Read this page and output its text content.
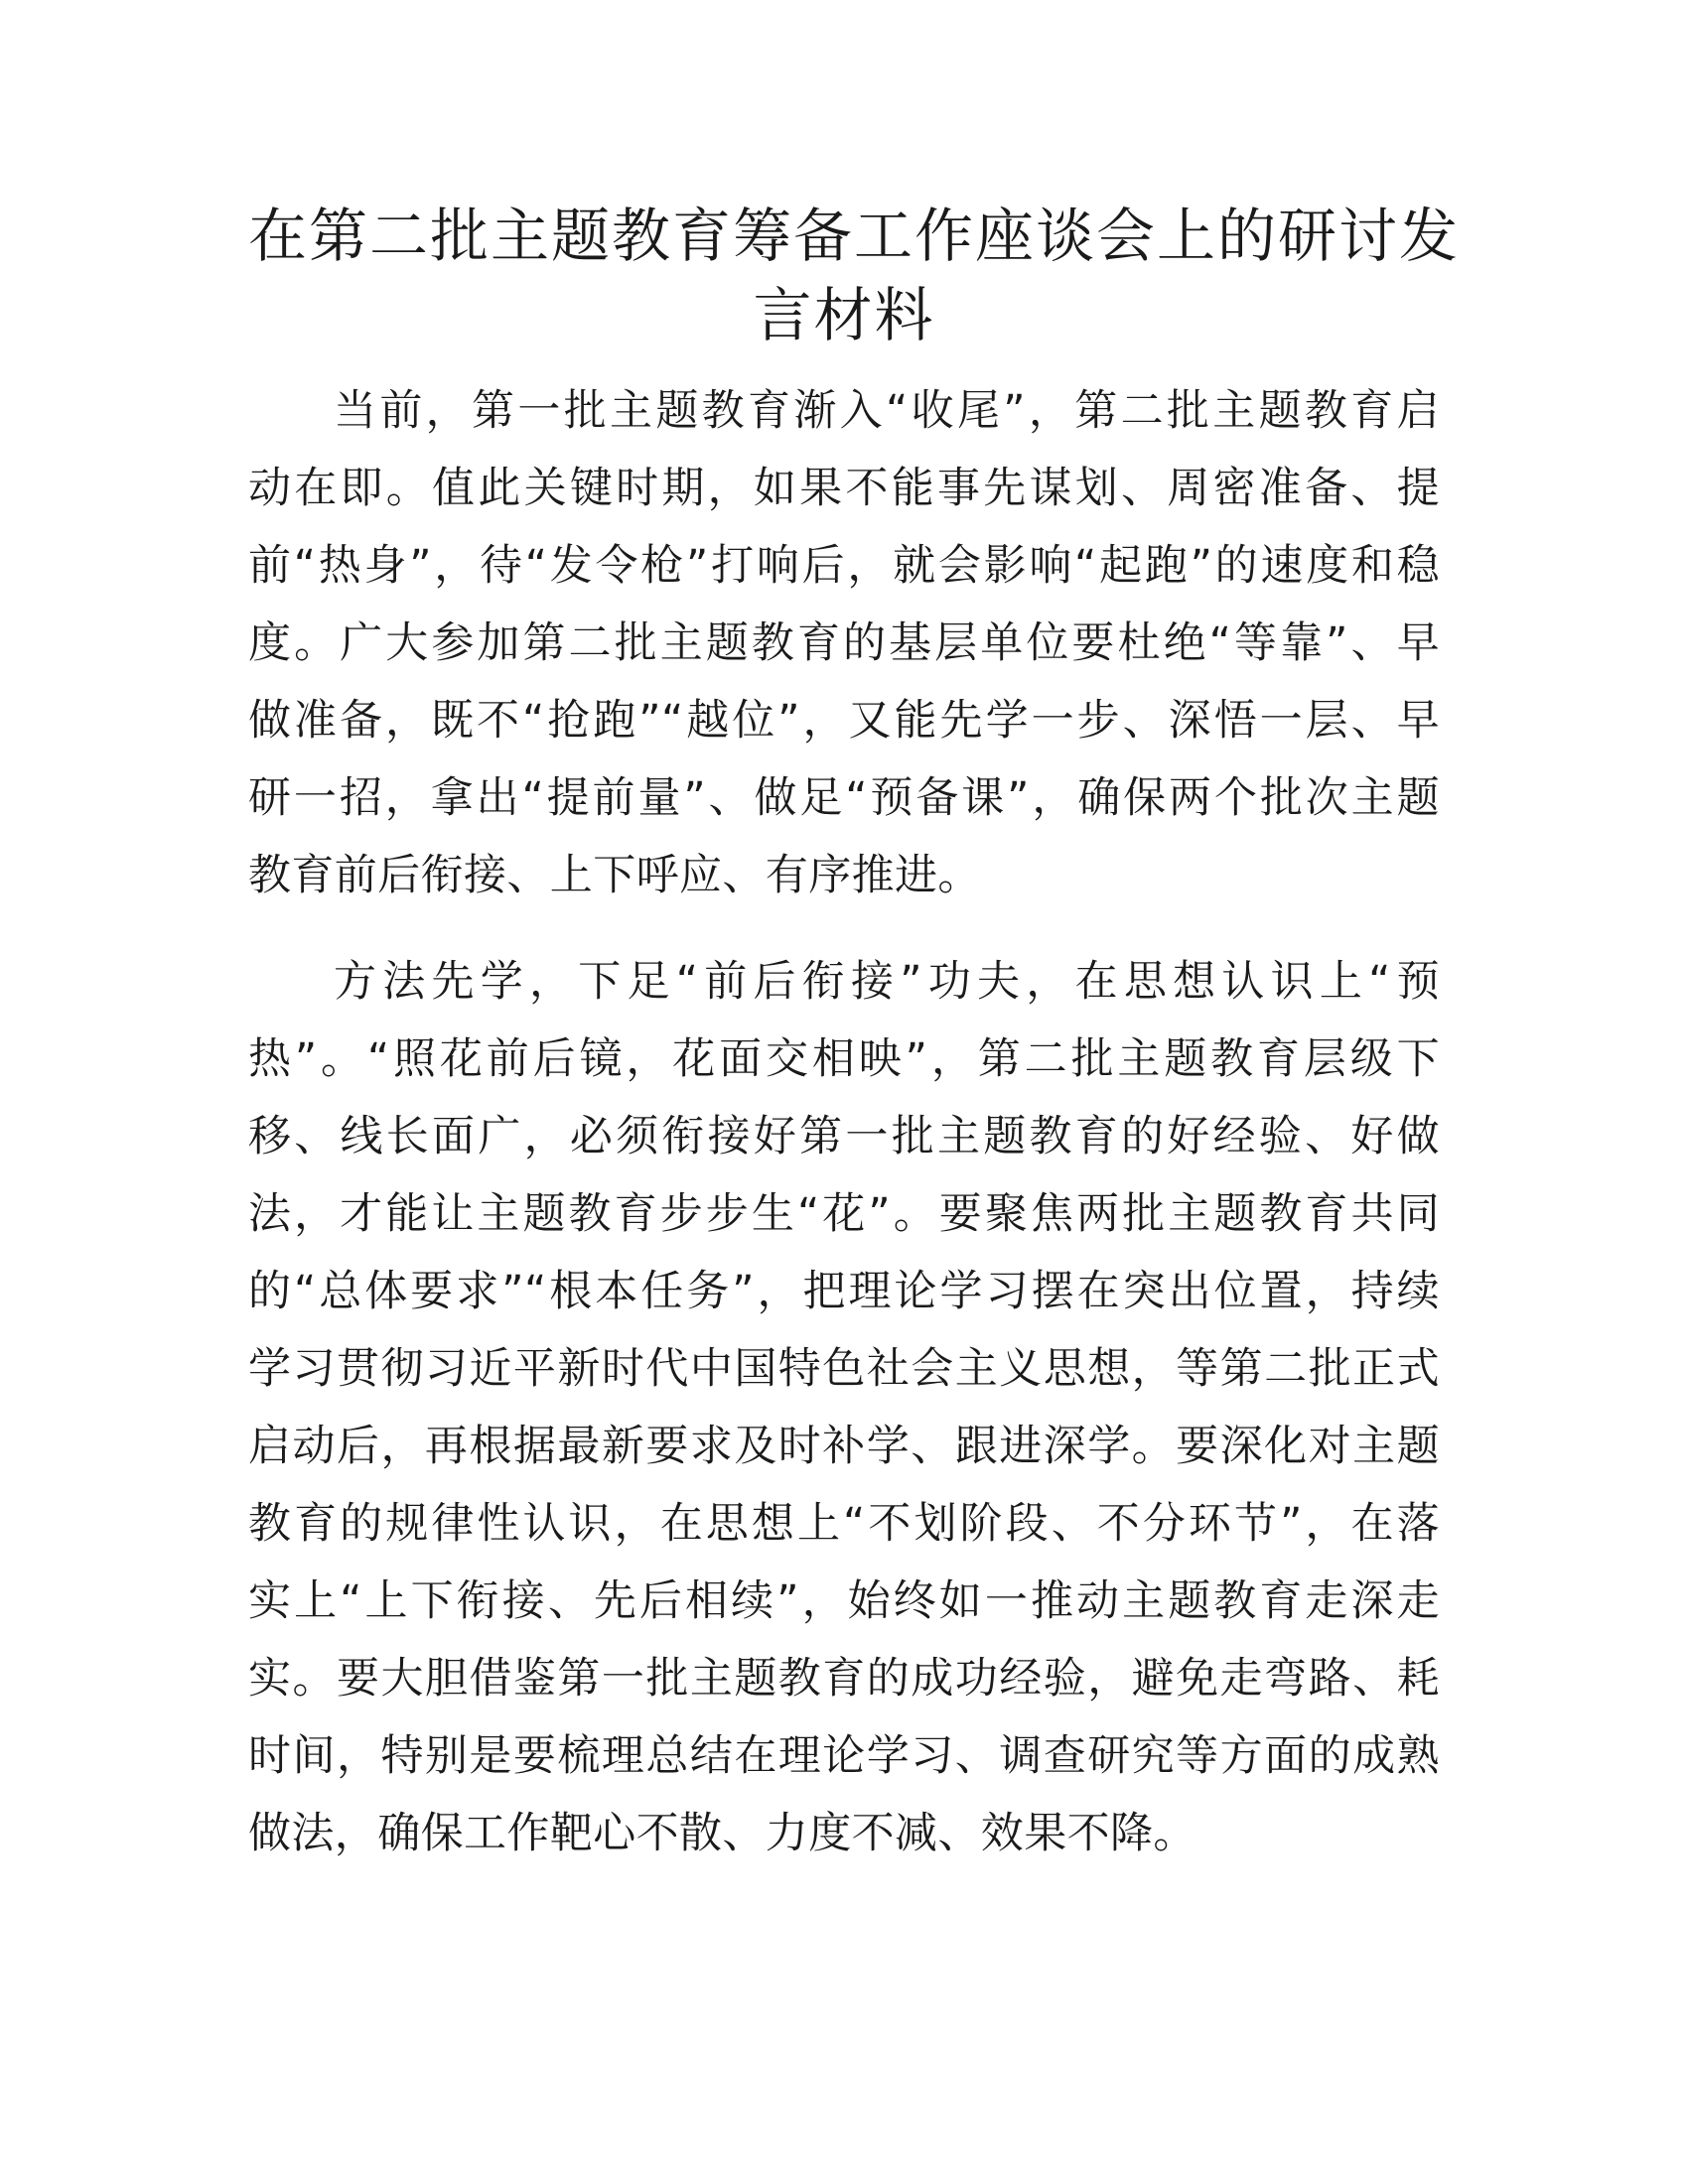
在第二批主题教育筹备工作座谈会上的研讨发
言材料
当前，第一批主题教育渐入“收尾”，第二批主题教育启
动在即。值此关键时期，如果不能事先谋划、周密准备、提
前“热身”，待“发令枪”打响后，就会影响“起跑”的速度和稳
度。广大参加第二批主题教育的基层单位要杜绝“等靠”、早
做准备，既不“抢跑”“越位”，又能先学一步、深悟一层、早
研一招，拿出“提前量”、做足“预备课”，确保两个批次主题
教育前后衔接、上下呼应、有序推进。
方法先学，下足“前后衔接”功夫，在思想认识上“预
热”。“照花前后镜，花面交相映”，第二批主题教育层级下
移、线长面广，必须衔接好第一批主题教育的好经验、好做
法，才能让主题教育步步生“花”。要聚焦两批主题教育共同
的“总体要求”“根本任务”，把理论学习摆在突出位置，持续
学习贯彻习近平新时代中国特色社会主义思想，等第二批正式
启动后，再根据最新要求及时补学、跟进深学。要深化对主题
教育的规律性认识，在思想上“不划阶段、不分环节”，在落
实上“上下衔接、先后相续”，始终如一推动主题教育走深走
实。要大胆借鉴第一批主题教育的成功经验，避免走弯路、耗
时间，特别是要梳理总结在理论学习、调查研究等方面的成熟
做法，确保工作靶心不散、力度不减、效果不降。
